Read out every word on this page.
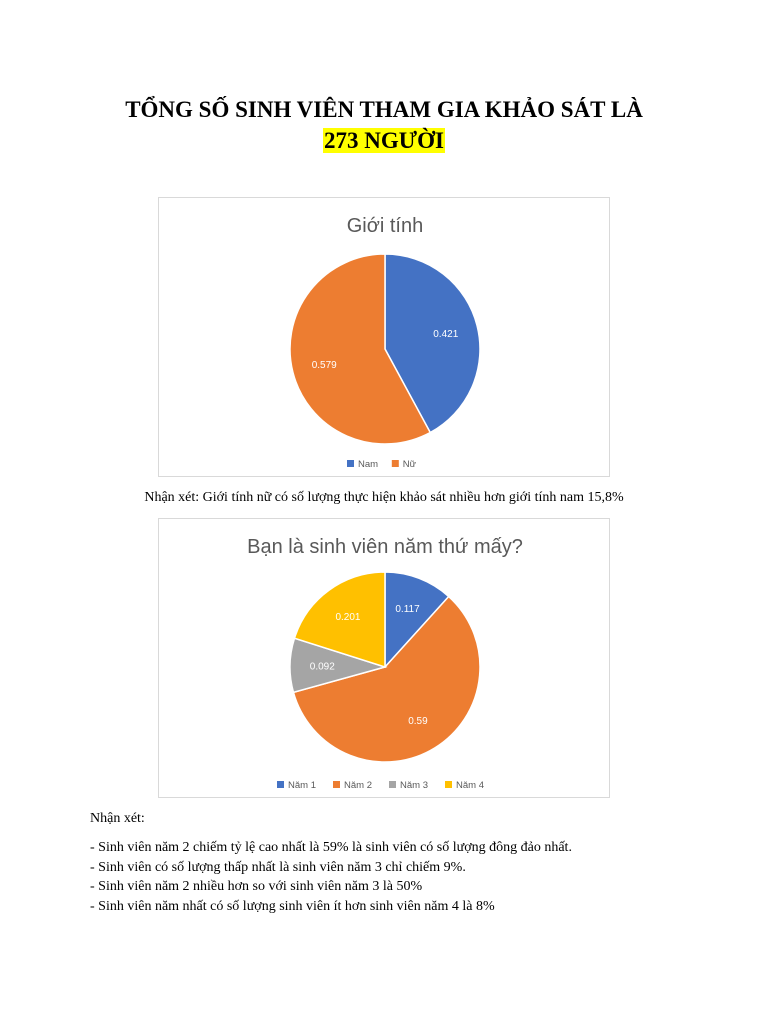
TỔNG SỐ SINH VIÊN THAM GIA KHẢO SÁT LÀ
273 NGƯỜI
Giới tính
0.421
0.579
Nam	Nữ
Nhận xét: Giới tính nữ có số lượng thực hiện khảo sát nhiều hơn giới tính nam 15,8%
Bạn là sinh viên năm thứ mấy?
0.117
0.59
0.092
0.201
Năm 1	Năm 2	Năm 3	Năm 4
Nhận xét:
- Sinh viên năm 2 chiếm tỷ lệ cao nhất là 59% là sinh viên có số lượng đông đảo nhất.
- Sinh viên có số lượng thấp nhất là sinh viên năm 3 chỉ chiếm 9%.
- Sinh viên năm 2 nhiều hơn so với sinh viên năm 3 là 50%
- Sinh viên năm nhất có số lượng sinh viên ít hơn sinh viên năm 4 là 8%
